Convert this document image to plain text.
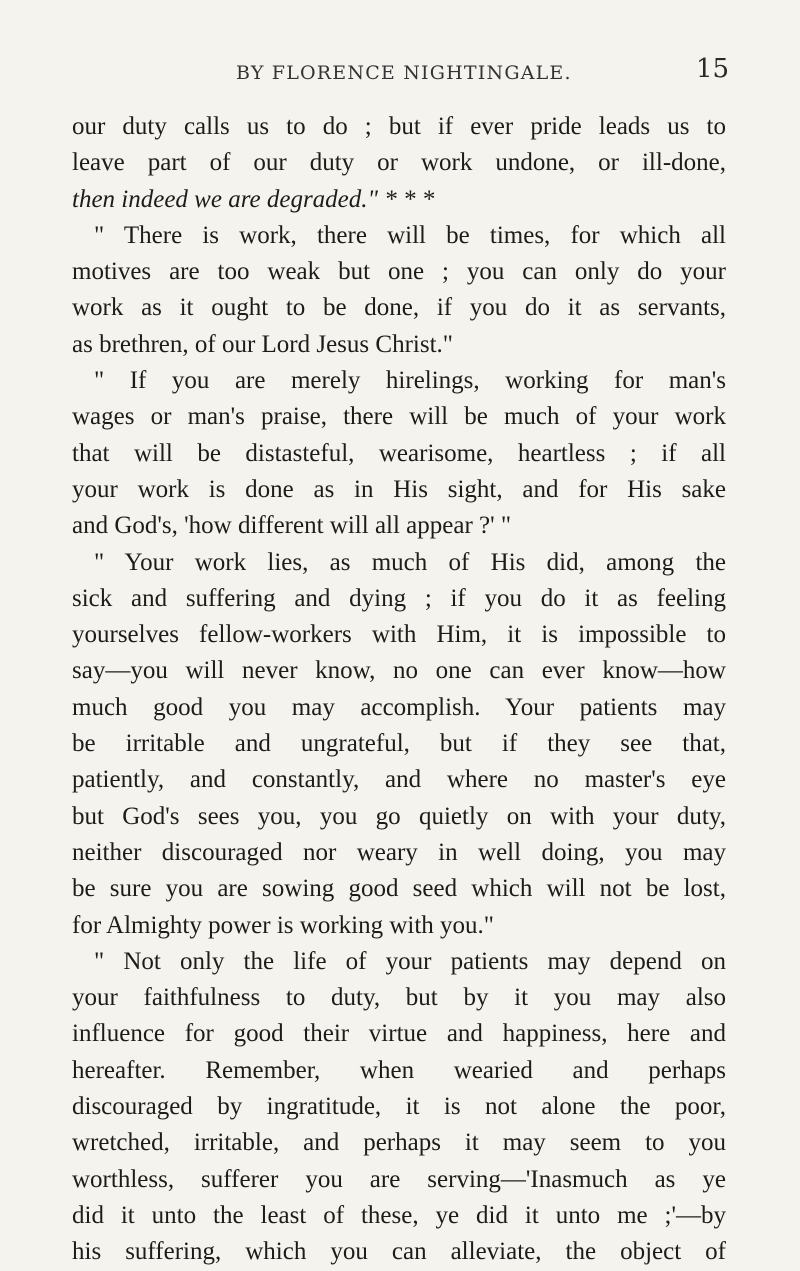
BY FLORENCE NIGHTINGALE.	15
our duty calls us to do ; but if ever pride leads us to
leave part of our duty or work undone, or ill-done,
then indeed we are degraded." * * *
" There is work, there will be times, for which all
motives are too weak but one ; you can only do your
work as it ought to be done, if you do it as servants,
as brethren, of our Lord Jesus Christ."
" If you are merely hirelings, working for man's
wages or man's praise, there will be much of your work
that will be distasteful, wearisome, heartless ; if all
your work is done as in His sight, and for His sake
and God's, 'how different will all appear ?' "
" Your work lies, as much of His did, among the
sick and suffering and dying ; if you do it as feeling
yourselves fellow-workers with Him, it is impossible to
say—you will never know, no one can ever know—how
much good you may accomplish. Your patients may
be irritable and ungrateful, but if they see that,
patiently, and constantly, and where no master's eye
but God's sees you, you go quietly on with your duty,
neither discouraged nor weary in well doing, you may
be sure you are sowing good seed which will not be lost,
for Almighty power is working with you."
" Not only the life of your patients may depend on
your faithfulness to duty, but by it you may also
influence for good their virtue and happiness, here and
hereafter. Remember, when wearied and perhaps
discouraged by ingratitude, it is not alone the poor,
wretched, irritable, and perhaps it may seem to you
worthless, sufferer you are serving—'Inasmuch as ye
did it unto the least of these, ye did it unto me ;'—by
his suffering, which you can alleviate, the object of
